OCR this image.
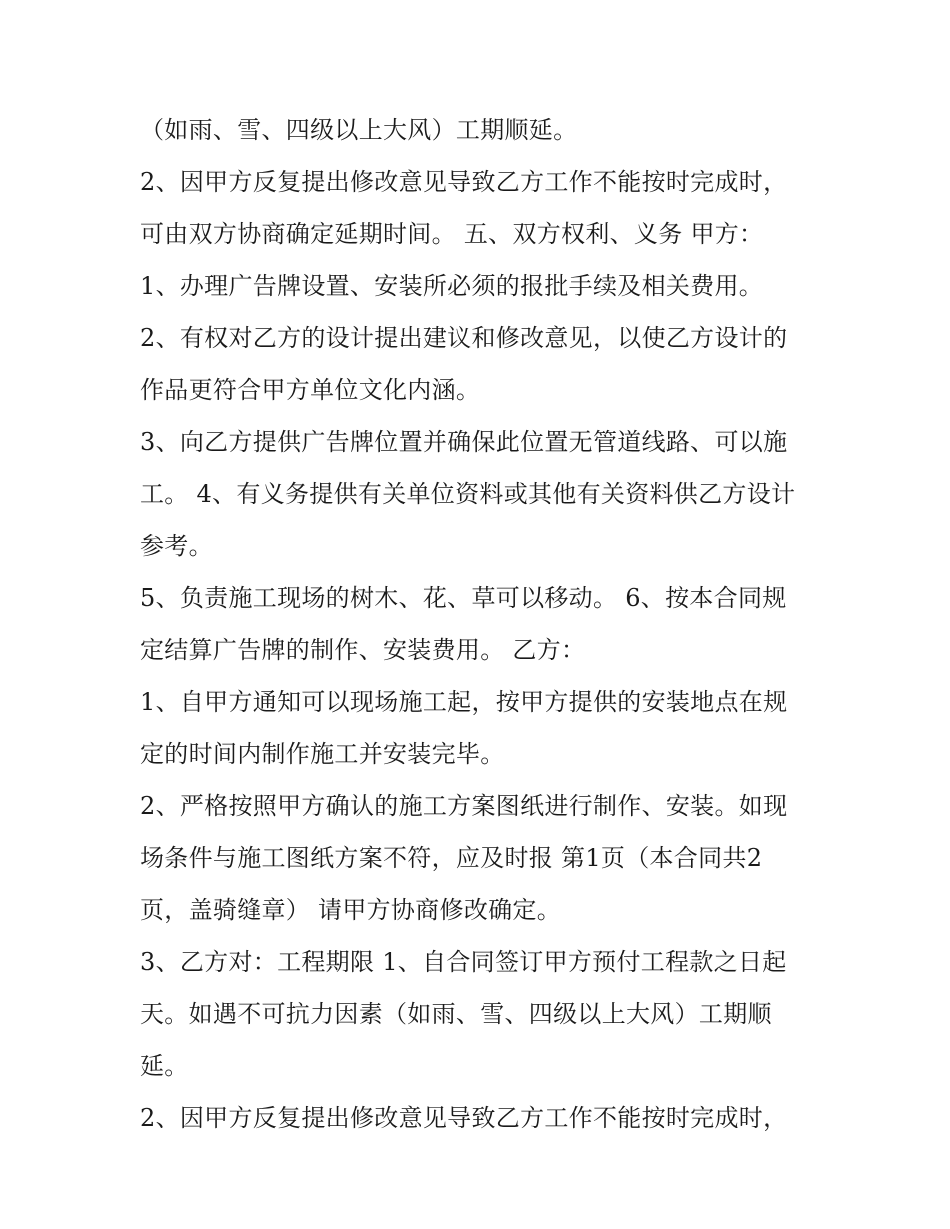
（如雨、雪、四级以上大风）工期顺延。
2、因甲方反复提出修改意见导致乙方工作不能按时完成时，
可由双方协商确定延期时间。 五、双方权利、义务 甲方：
1、办理广告牌设置、安装所必须的报批手续及相关费用。
2、有权对乙方的设计提出建议和修改意见，以使乙方设计的
作品更符合甲方单位文化内涵。
3、向乙方提供广告牌位置并确保此位置无管道线路、可以施
工。 4、有义务提供有关单位资料或其他有关资料供乙方设计
参考。
5、负责施工现场的树木、花、草可以移动。 6、按本合同规
定结算广告牌的制作、安装费用。 乙方：
1、自甲方通知可以现场施工起，按甲方提供的安装地点在规
定的时间内制作施工并安装完毕。
2、严格按照甲方确认的施工方案图纸进行制作、安装。如现
场条件与施工图纸方案不符，应及时报 第1页（本合同共2
页，盖骑缝章） 请甲方协商修改确定。
3、乙方对：工程期限 1、自合同签订甲方预付工程款之日起
天。如遇不可抗力因素（如雨、雪、四级以上大风）工期顺
延。
2、因甲方反复提出修改意见导致乙方工作不能按时完成时，
